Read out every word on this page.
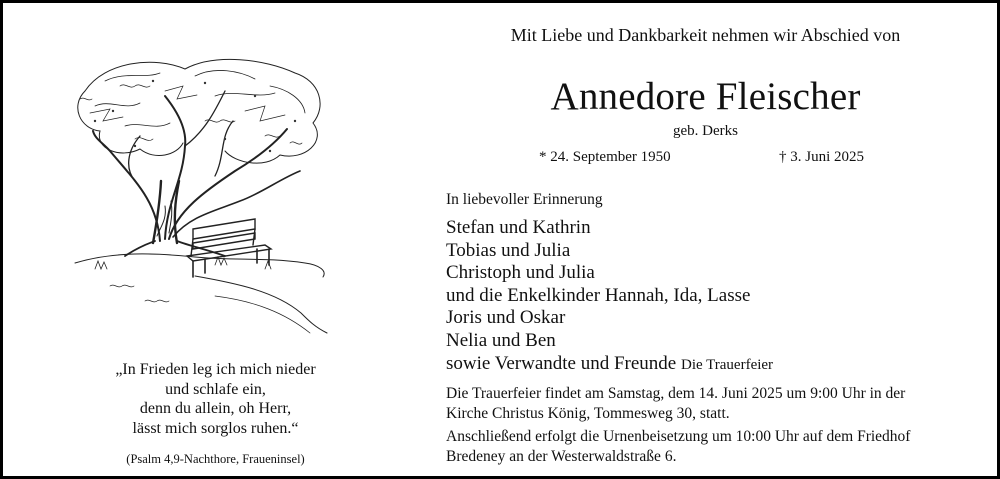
„In Frieden leg ich mich nieder
und schlafe ein,
denn du allein, oh Herr,
lässt mich sorglos ruhen.“
(Psalm 4,9-Nachthore, Fraueninsel)
Mit Liebe und Dankbarkeit nehmen wir Abschied von
Annedore Fleischer
geb. Derks
* 24. September 1950	† 3. Juni 2025
In liebevoller Erinnerung
Stefan und Kathrin
Tobias und Julia
Christoph und Julia
und die Enkelkinder Hannah, Ida, Lasse
Joris und Oskar
Nelia und Ben
sowie Verwandte und Freunde Die Trauerfeier
Die Trauerfeier findet am Samstag, dem 14. Juni 2025 um 9:00 Uhr in der
Kirche Christus König, Tommesweg 30, statt.
Anschließend erfolgt die Urnenbeisetzung um 10:00 Uhr auf dem Friedhof
Bredeney an der Westerwaldstraße 6.
